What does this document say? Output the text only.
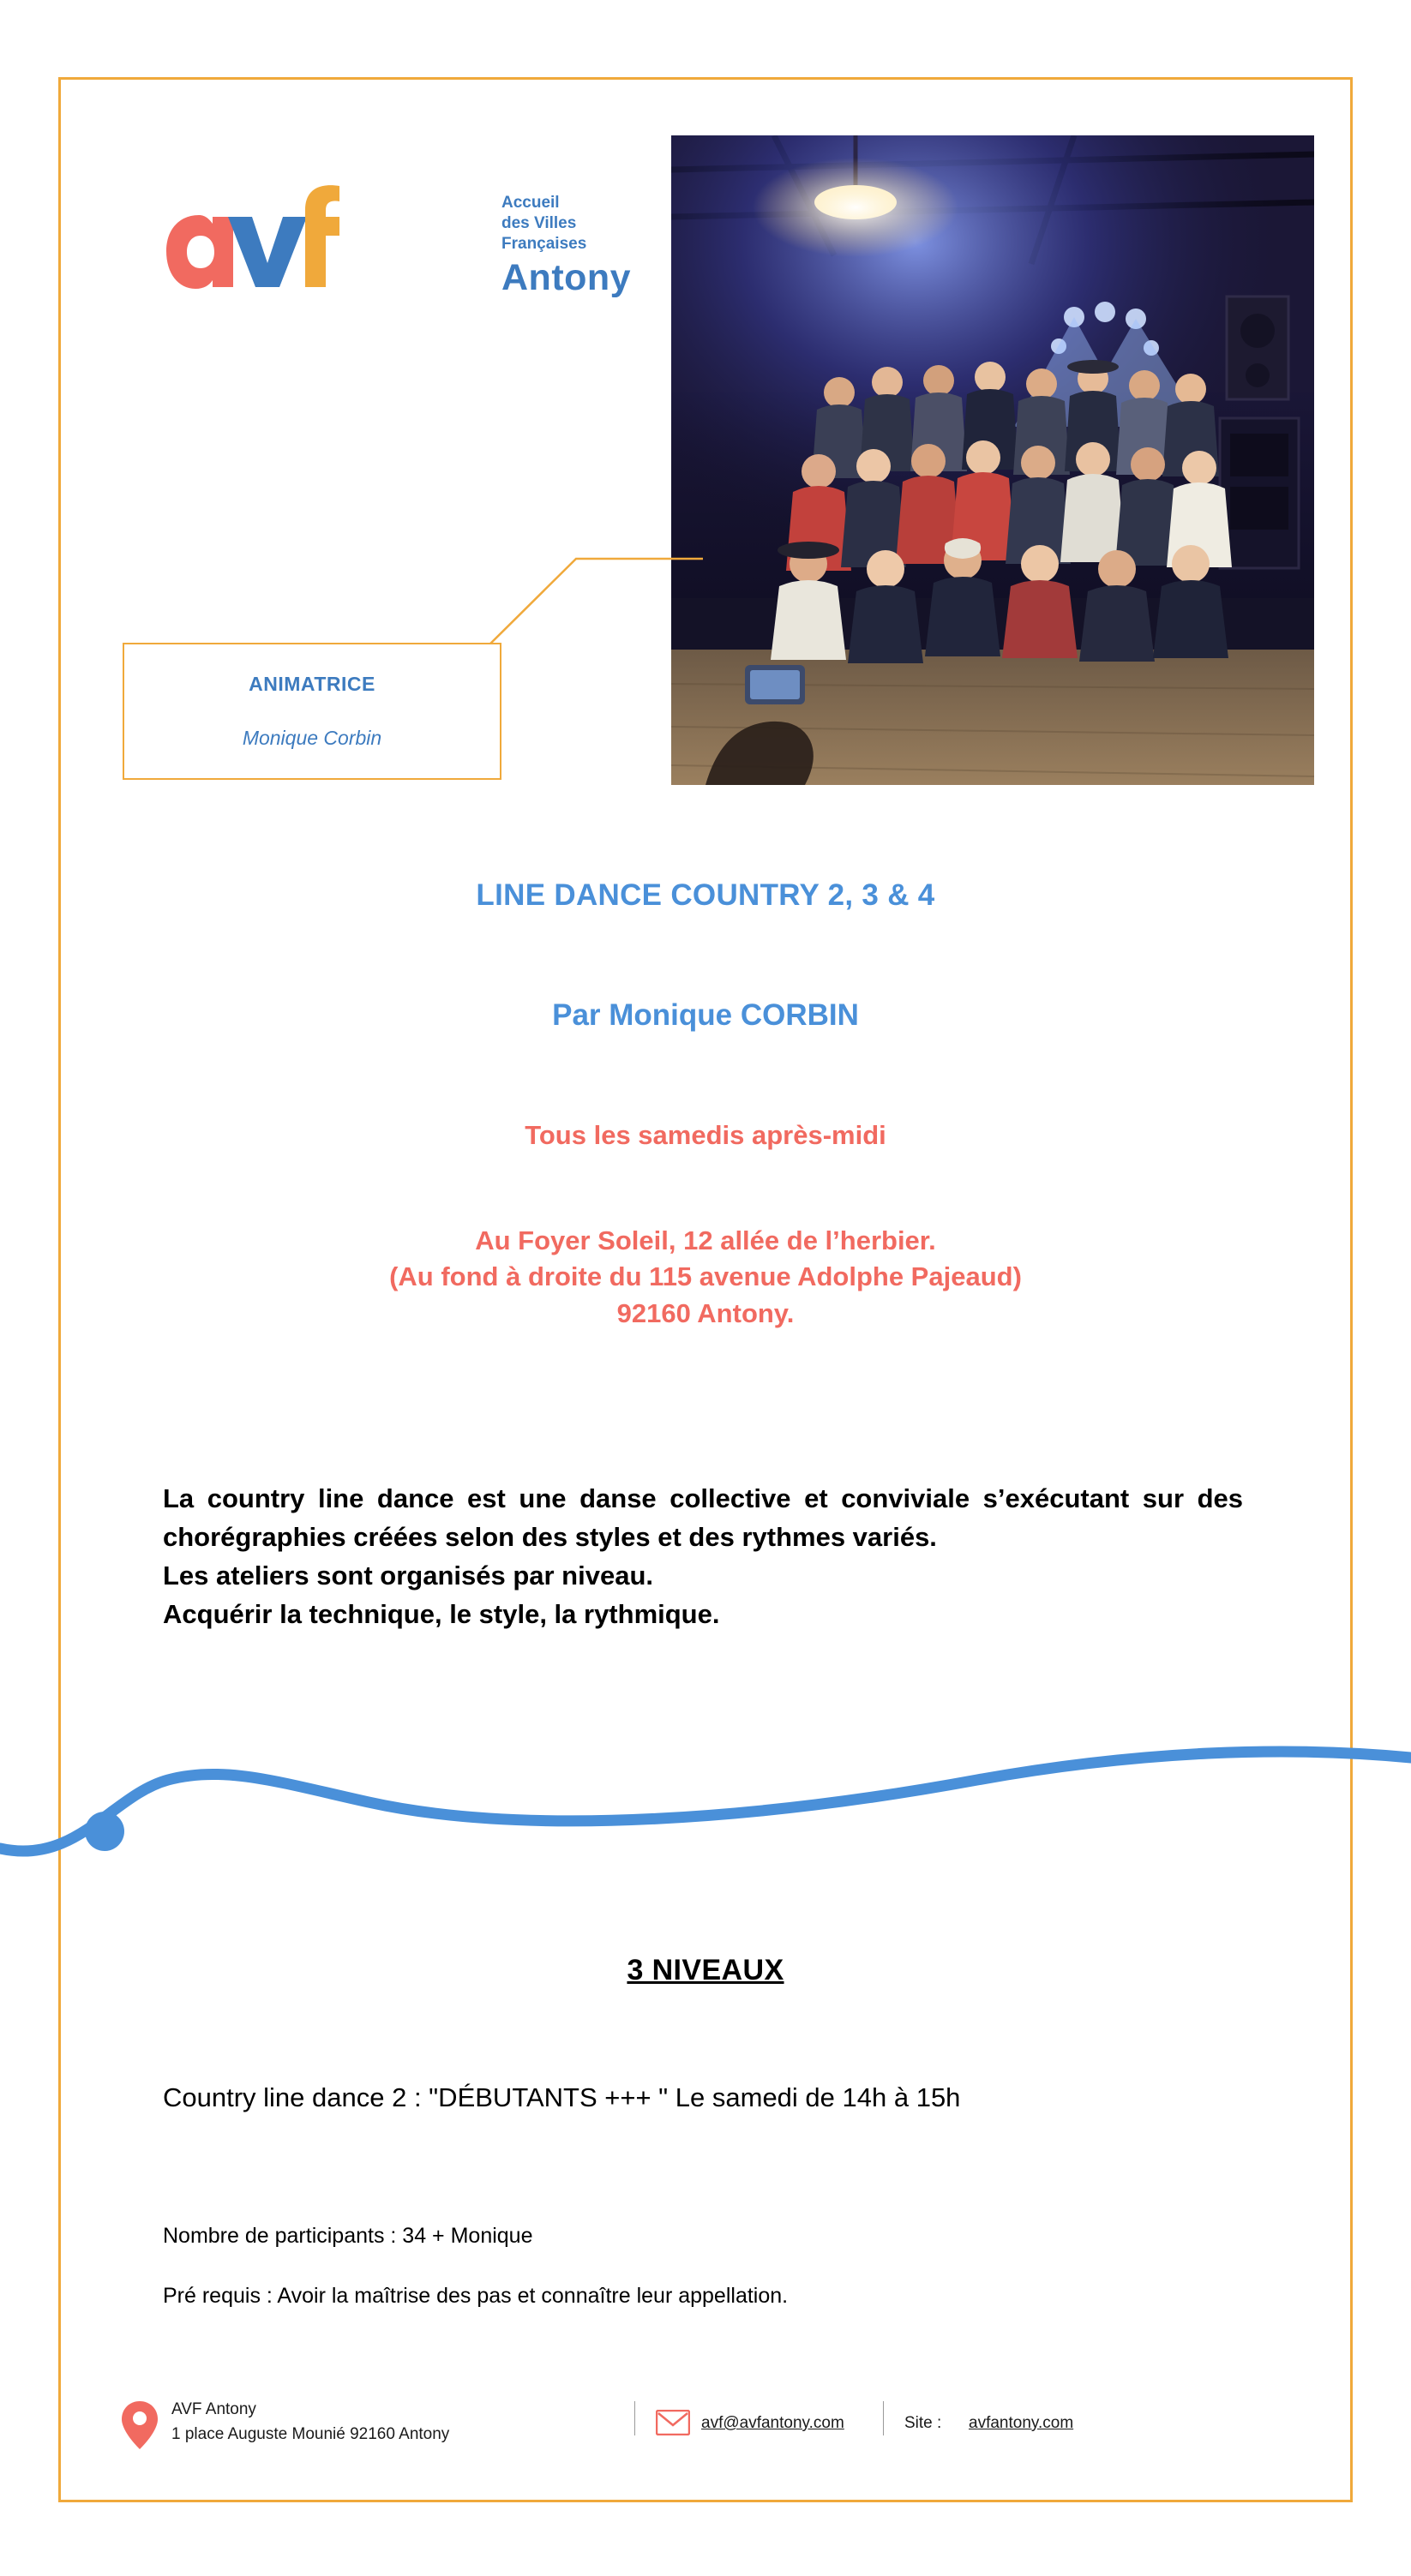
Accueil
des Villes
Françaises
Antony
ANIMATRICE
Monique Corbin
LINE DANCE COUNTRY 2, 3 & 4
Par Monique CORBIN
Tous les samedis après-midi
Au Foyer Soleil, 12 allée de l’herbier.
(Au fond à droite du 115 avenue Adolphe Pajeaud)
92160 Antony.

La country line dance est une danse collective et conviviale s’exécutant sur des chorégraphies créées selon des styles et des rythmes variés.

Les ateliers sont organisés par niveau.

Acquérir la technique, le style, la rythmique.

3 NIVEAUX
Country line dance 2 : "DÉBUTANTS +++ " Le samedi de 14h à 15h
Nombre de participants : 34 + Monique
Pré requis : Avoir la maîtrise des pas et connaître leur appellation.
AVF Antony
1 place Auguste Mounié 92160 Antony
avf@avfantony.com	Site : avfantony.com
